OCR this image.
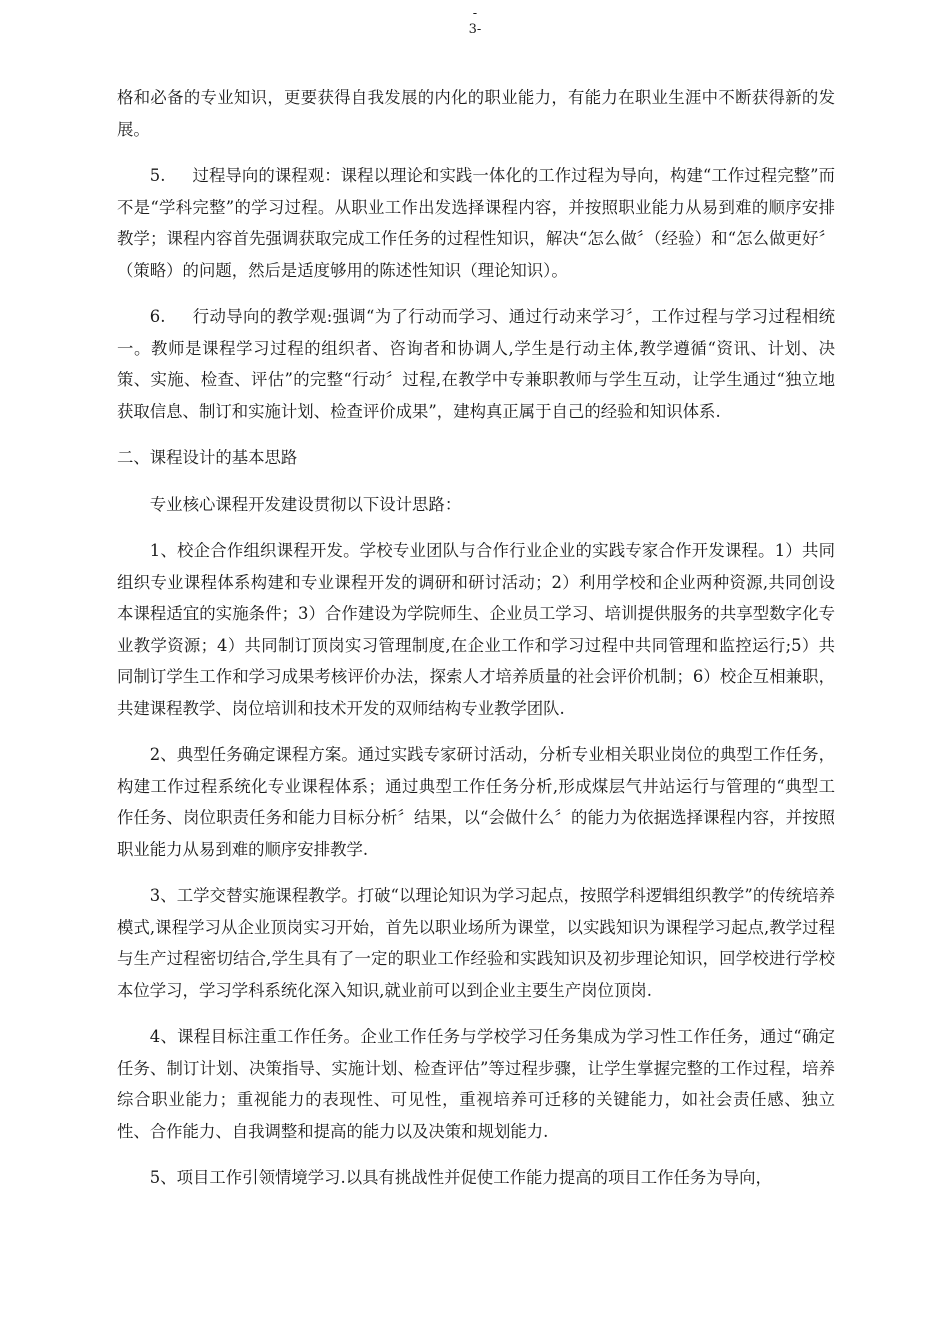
-
3-

格和必备的专业知识，更要获得自我发展的内化的职业能力，有能力在职业生涯中不断获得新的发展。

5. 过程导向的课程观：课程以理论和实践一体化的工作过程为导向，构建“工作过程完整”而不是“学科完整”的学习过程。从职业工作出发选择课程内容，并按照职业能力从易到难的顺序安排教学；课程内容首先强调获取完成工作任务的过程性知识，解决“怎么做〞（经验）和“怎么做更好〞（策略）的问题，然后是适度够用的陈述性知识（理论知识）。

6. 行动导向的教学观:强调“为了行动而学习、通过行动来学习〞，工作过程与学习过程相统一。教师是课程学习过程的组织者、咨询者和协调人,学生是行动主体,教学遵循“资讯、计划、决策、实施、检查、评估”的完整“行动〞过程,在教学中专兼职教师与学生互动，让学生通过“独立地获取信息、制订和实施计划、检查评价成果”，建构真正属于自己的经验和知识体系.

二、课程设计的基本思路

专业核心课程开发建设贯彻以下设计思路：

1、校企合作组织课程开发。学校专业团队与合作行业企业的实践专家合作开发课程。1）共同组织专业课程体系构建和专业课程开发的调研和研讨活动；2）利用学校和企业两种资源,共同创设本课程适宜的实施条件；3）合作建设为学院师生、企业员工学习、培训提供服务的共享型数字化专业教学资源；4）共同制订顶岗实习管理制度,在企业工作和学习过程中共同管理和监控运行;5）共同制订学生工作和学习成果考核评价办法，探索人才培养质量的社会评价机制；6）校企互相兼职，共建课程教学、岗位培训和技术开发的双师结构专业教学团队.

2、典型任务确定课程方案。通过实践专家研讨活动，分析专业相关职业岗位的典型工作任务，构建工作过程系统化专业课程体系；通过典型工作任务分析,形成煤层气井站运行与管理的“典型工作任务、岗位职责任务和能力目标分析〞结果，以“会做什么〞的能力为依据选择课程内容，并按照职业能力从易到难的顺序安排教学.

3、工学交替实施课程教学。打破“以理论知识为学习起点，按照学科逻辑组织教学”的传统培养模式,课程学习从企业顶岗实习开始，首先以职业场所为课堂，以实践知识为课程学习起点,教学过程与生产过程密切结合,学生具有了一定的职业工作经验和实践知识及初步理论知识，回学校进行学校本位学习，学习学科系统化深入知识,就业前可以到企业主要生产岗位顶岗.

4、课程目标注重工作任务。企业工作任务与学校学习任务集成为学习性工作任务，通过“确定任务、制订计划、决策指导、实施计划、检查评估”等过程步骤，让学生掌握完整的工作过程，培养综合职业能力；重视能力的表现性、可见性，重视培养可迁移的关键能力，如社会责任感、独立性、合作能力、自我调整和提高的能力以及决策和规划能力.

5、项目工作引领情境学习.以具有挑战性并促使工作能力提高的项目工作任务为导向，
